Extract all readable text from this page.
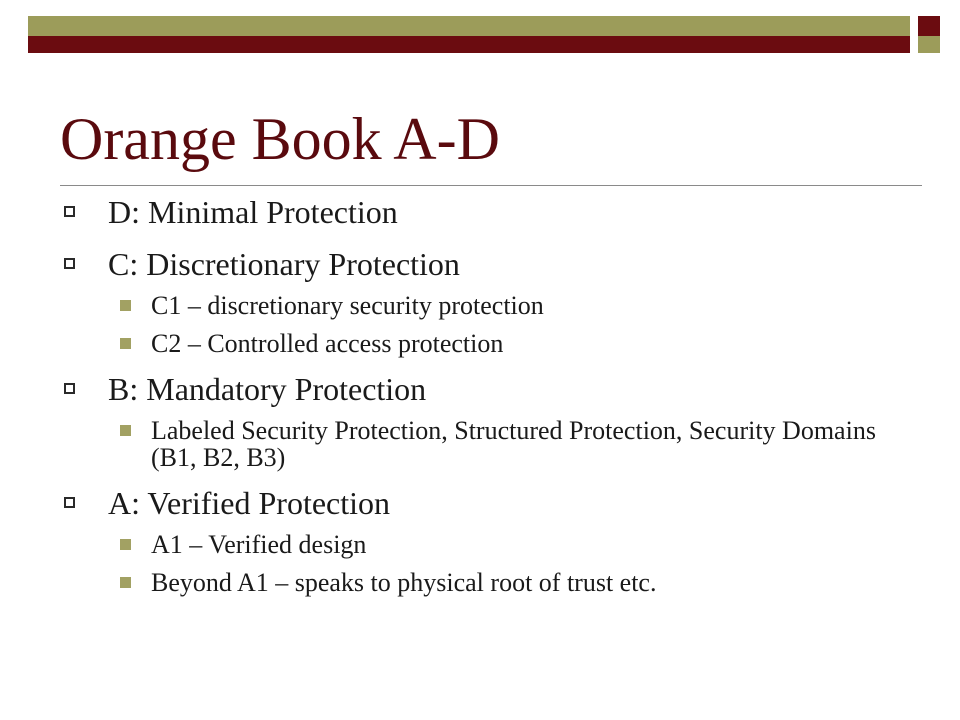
Orange Book A-D
D: Minimal Protection
C: Discretionary Protection
C1 – discretionary security protection
C2 – Controlled access protection
B: Mandatory Protection
Labeled Security Protection, Structured Protection, Security Domains (B1, B2, B3)
A: Verified Protection
A1 – Verified design
Beyond A1 – speaks to physical root of trust etc.
